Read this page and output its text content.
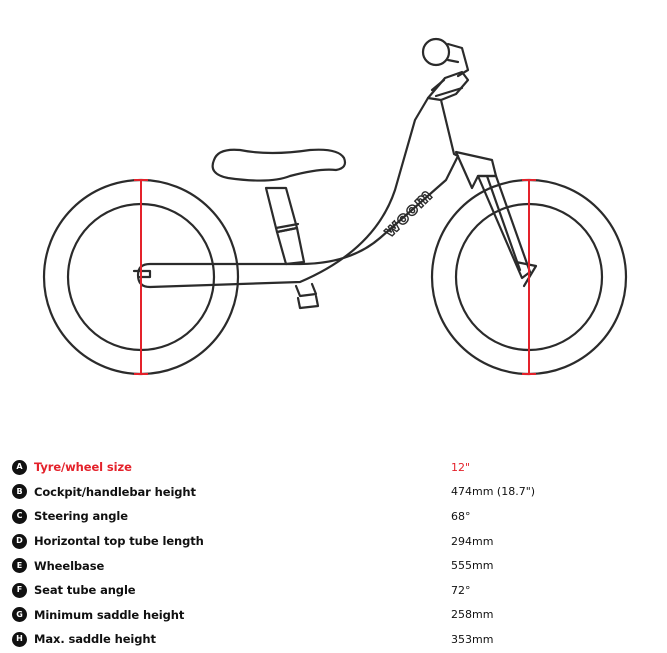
woom
A Tyre/wheel size	12"
B Cockpit/handlebar height	474mm (18.7")
C	Steering angle	68°
D Horizontal top tube length	294mm
E	Wheelbase	555mm
F	Seat tube angle	72°
G Minimum saddle height	258mm
H Max. saddle height	353mm
